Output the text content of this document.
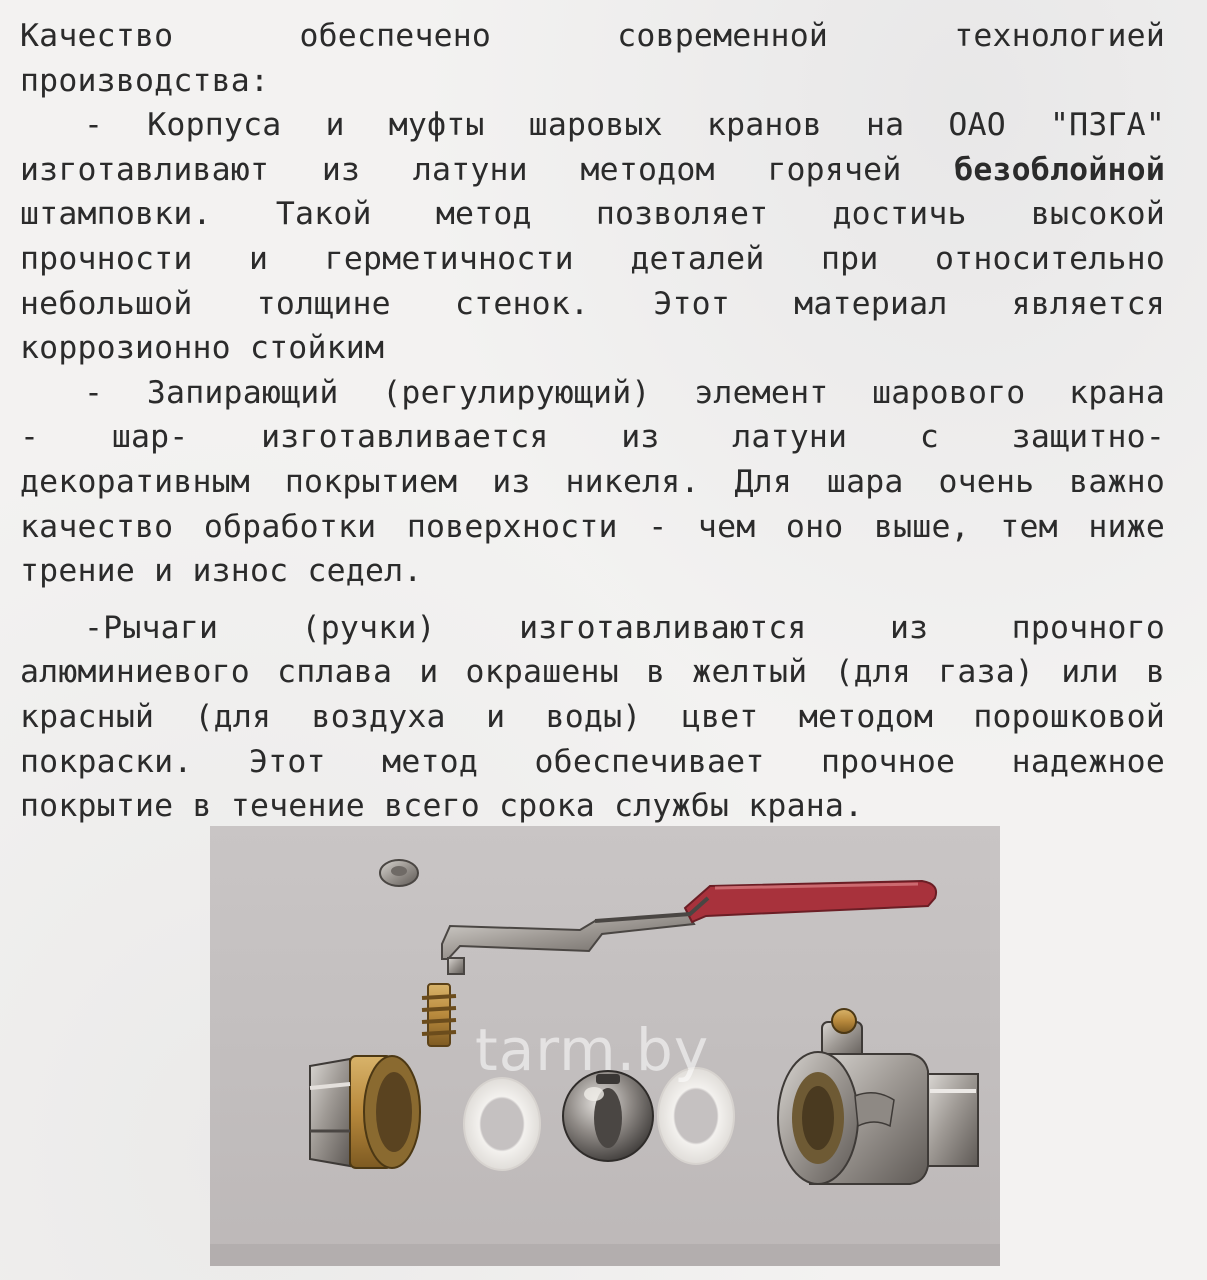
Качество обеспечено современной технологией
производства:
- Корпуса и муфты шаровых кранов на ОАО "ПЗГА"
изготавливают из латуни методом горячей безоблойной
штамповки. Такой метод позволяет достичь высокой
прочности и герметичности деталей при относительно
небольшой толщине стенок. Этот материал является
коррозионно стойким
- Запирающий (регулирующий) элемент шарового крана
- шар- изготавливается из латуни с защитно-
декоративным покрытием из никеля. Для шара очень важно
качество обработки поверхности - чем оно выше, тем ниже
трение и износ седел.
-Рычаги (ручки) изготавливаются из прочного
алюминиевого сплава и окрашены в желтый (для газа) или в
красный (для воздуха и воды) цвет методом порошковой
покраски. Этот метод обеспечивает прочное надежное
покрытие в течение всего срока службы крана.
tarm.by
